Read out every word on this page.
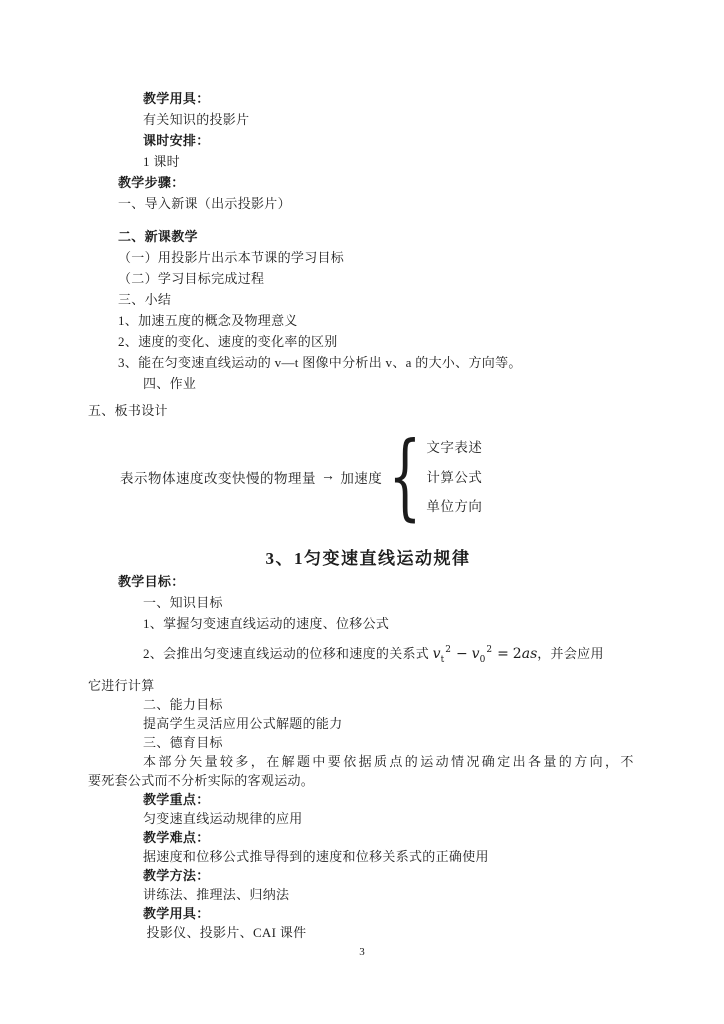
教学用具：
有关知识的投影片
课时安排：
1 课时
教学步骤：
一、导入新课（出示投影片）
二、新课教学
（一）用投影片出示本节课的学习目标
（二）学习目标完成过程
三、小结
1、加速五度的概念及物理意义
2、速度的变化、速度的变化率的区别
3、能在匀变速直线运动的 v—t 图像中分析出 v、a 的大小、方向等。
四、作业
五、板书设计
表示物体速度改变快慢的物理量 → 加速度 { 文字表述
计算公式
单位方向
3、1匀变速直线运动规律
教学目标：
一、知识目标
1、掌握匀变速直线运动的速度、位移公式
2、会推出匀变速直线运动的位移和速度的关系式 $v_t^2 - v_0^2 = 2as$，并会应用
它进行计算
二、能力目标
提高学生灵活应用公式解题的能力
三、德育目标
本部分矢量较多，在解题中要依据质点的运动情况确定出各量的方向，不
要死套公式而不分析实际的客观运动。
教学重点：
匀变速直线运动规律的应用
教学难点：
据速度和位移公式推导得到的速度和位移关系式的正确使用
教学方法：
讲练法、推理法、归纳法
教学用具：
投影仪、投影片、CAI 课件
3
